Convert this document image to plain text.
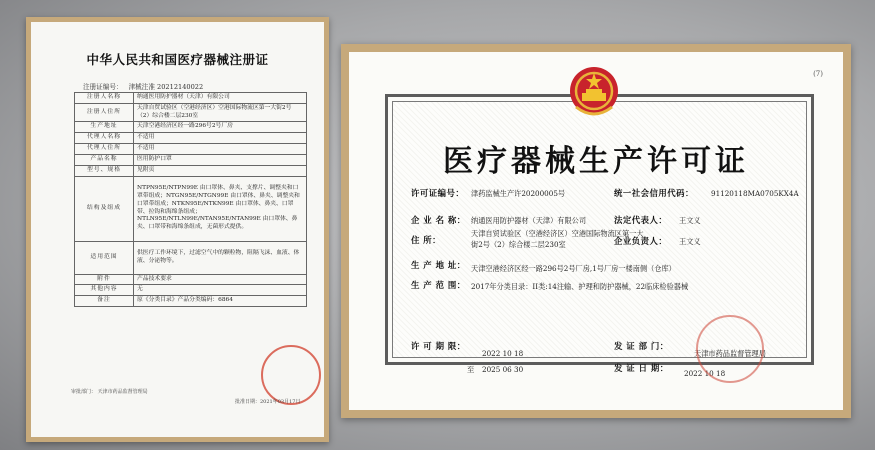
中华人民共和国医疗器械注册证
注册证编号： 津械注准 20212140022
注册人名称	纳通医用防护器材（天津）有限公司
注册人住所	天津自贸试验区（空港经济区）空港国际物流区第一大街2号（2）综合楼二层230室
生产地址	天津空港经济区经一路296号2号厂房
代理人名称	不适用
代理人住所	不适用
产品名称	医用防护口罩
型号、规格	见附页
结构及组成	NTPN95E/NTPN99E 由口罩体、鼻夹、支撑片、调整夹和口罩带组成；NTGN95E/NTGN99E 由口罩体、鼻夹、调整夹和口罩带组成；NTKN95E/NTKN99E 由口罩体、鼻夹、口罩带、拉钩和海绵条组成；NTLN95E/NTLN99E/NTAN95E/NTAN99E 由口罩体、鼻夹、口罩带和海绵条组成，无菌形式提供。
适用范围	供医疗工作环境下，过滤空气中的颗粒物，阻隔飞沫、血液、体液、分泌物等。
附件	产品技术要求
其他内容	无
备注	原《分类目录》产品分类编码：6864
审批部门： 天津市药品监督管理局
批准日期：2021年03月17日
(7)
医疗器械生产许可证
许可证编号： 津药监械生产许20200005号	统一社会信用代码： 91120118MA0705KX4A
企 业 名 称： 纳通医用防护器材（天津）有限公司	法定代表人： 王文义
住 所：
天津自贸试验区（空港经济区）空港国际物流区第一大街2号（2）综合楼二层230室	企业负责人： 王文义
生 产 地 址： 天津空港经济区经一路296号2号厂房,1号厂房一楼南侧（仓库）
生 产 范 围： 2017年分类目录：II类:14注输、护理和防护器械，22临床检验器械
许 可 期 限：
2022 10 18
至 2025 06 30
发 证 部 门：
天津市药品监督管理局
发 证 日 期：
2022 10 18
